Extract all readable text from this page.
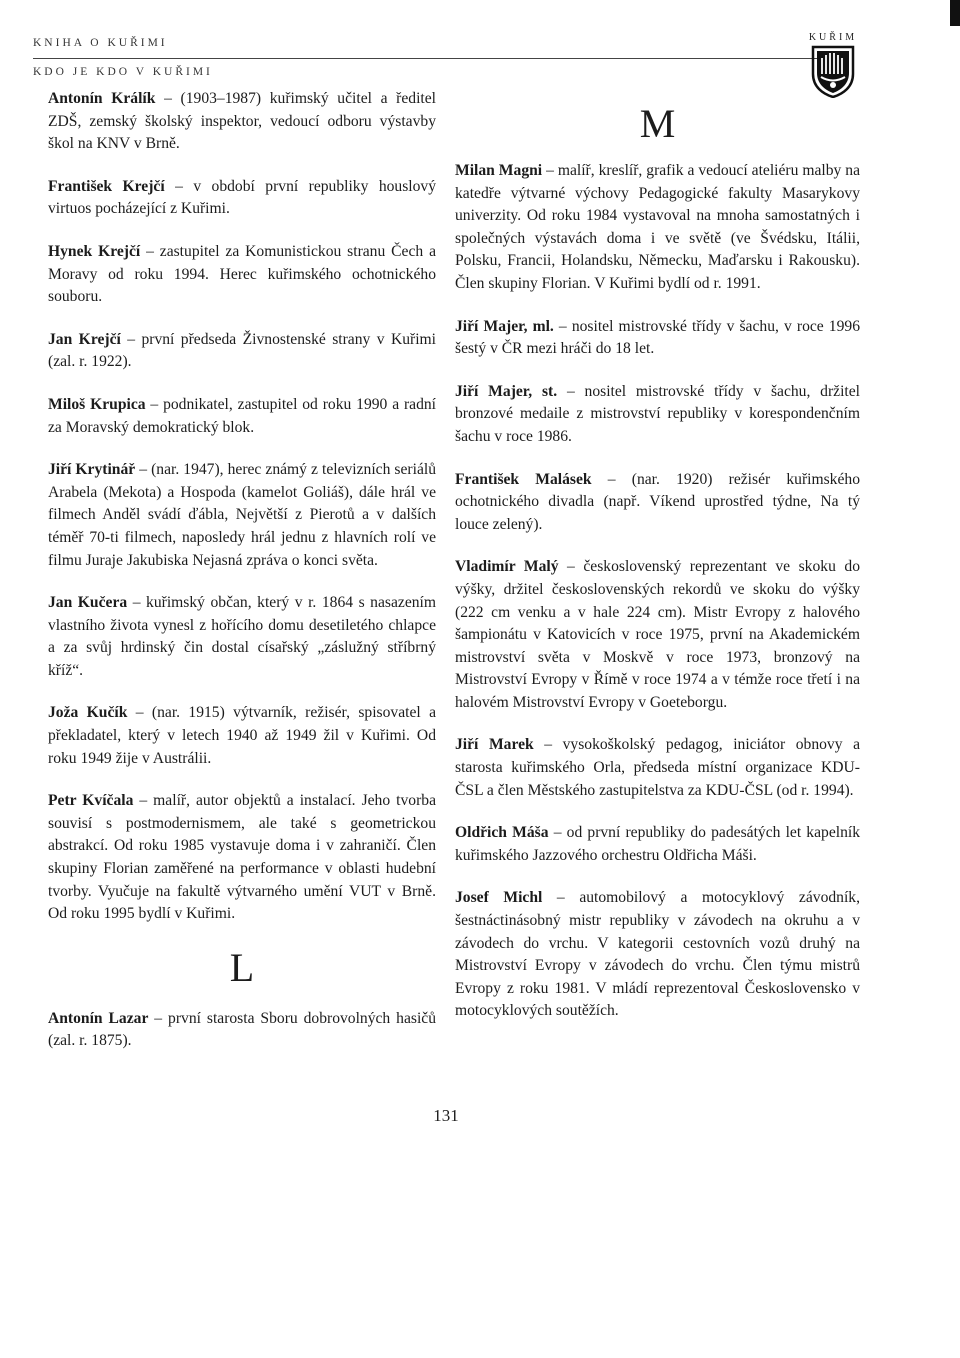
KNIHA O KUŘIMI
KDO JE KDO V KUŘIMI
KUŘIM

Antonín Králík – (1903–1987) kuřimský učitel a ředitel ZDŠ, zemský školský inspektor, vedoucí odboru výstavby škol na KNV v Brně.

František Krejčí – v období první republiky houslový virtuos pocházející z Kuřimi.

Hynek Krejčí – zastupitel za Komunistickou stranu Čech a Moravy od roku 1994. Herec kuřimského ochotnického souboru.

Jan Krejčí – první předseda Živnostenské strany v Kuřimi (zal. r. 1922).

Miloš Krupica – podnikatel, zastupitel od roku 1990 a radní za Moravský demokratický blok.

Jiří Krytinář – (nar. 1947), herec známý z televizních seriálů Arabela (Mekota) a Hospoda (kamelot Goliáš), dále hrál ve filmech Anděl svádí ďábla, Největší z Pierotů a v dalších téměř 70-ti filmech, naposledy hrál jednu z hlavních rolí ve filmu Juraje Jakubiska Nejasná zpráva o konci světa.

Jan Kučera – kuřimský občan, který v r. 1864 s nasazením vlastního života vynesl z hořícího domu desetiletého chlapce a za svůj hrdinský čin dostal císařský „záslužný stříbrný kříž“.

Joža Kučík – (nar. 1915) výtvarník, režisér, spisovatel a překladatel, který v letech 1940 až 1949 žil v Kuřimi. Od roku 1949 žije v Austrálii.

Petr Kvíčala – malíř, autor objektů a instalací. Jeho tvorba souvisí s postmodernismem, ale také s geometrickou abstrakcí. Od roku 1985 vystavuje doma i v zahraničí. Člen skupiny Florian zaměřené na performance v oblasti hudební tvorby. Vyučuje na fakultě výtvarného umění VUT v Brně. Od roku 1995 bydlí v Kuřimi.

L

Antonín Lazar – první starosta Sboru dobrovolných hasičů (zal. r. 1875).

M

Milan Magni – malíř, kreslíř, grafik a vedoucí ateliéru malby na katedře výtvarné výchovy Pedagogické fakulty Masarykovy univerzity. Od roku 1984 vystavoval na mnoha samostatných i společných výstavách doma i ve světě (ve Švédsku, Itálii, Polsku, Francii, Holandsku, Německu, Maďarsku i Rakousku). Člen skupiny Florian. V Kuřimi bydlí od r. 1991.

Jiří Majer, ml. – nositel mistrovské třídy v šachu, v roce 1996 šestý v ČR mezi hráči do 18 let.

Jiří Majer, st. – nositel mistrovské třídy v šachu, držitel bronzové medaile z mistrovství republiky v korespondenčním šachu v roce 1986.

František Malásek – (nar. 1920) režisér kuřimského ochotnického divadla (např. Víkend uprostřed týdne, Na tý louce zelený).

Vladimír Malý – československý reprezentant ve skoku do výšky, držitel československých rekordů ve skoku do výšky (222 cm venku a v hale 224 cm). Mistr Evropy z halového šampionátu v Katovicích v roce 1975, první na Akademickém mistrovství světa v Moskvě v roce 1973, bronzový na Mistrovství Evropy v Římě v roce 1974 a v témže roce třetí i na halovém Mistrovství Evropy v Goeteborgu.

Jiří Marek – vysokoškolský pedagog, iniciátor obnovy a starosta kuřimského Orla, předseda místní organizace KDU-ČSL a člen Městského zastupitelstva za KDU-ČSL (od r. 1994).

Oldřich Máša – od první republiky do padesátých let kapelník kuřimského Jazzového orchestru Oldřicha Máši.

Josef Michl – automobilový a motocyklový závodník, šestnáctinásobný mistr republiky v závodech na okruhu a v závodech do vrchu. V kategorii cestovních vozů druhý na Mistrovství Evropy v závodech do vrchu. Člen týmu mistrů Evropy z roku 1981. V mládí reprezentoval Československo v motocyklových soutěžích.

131
